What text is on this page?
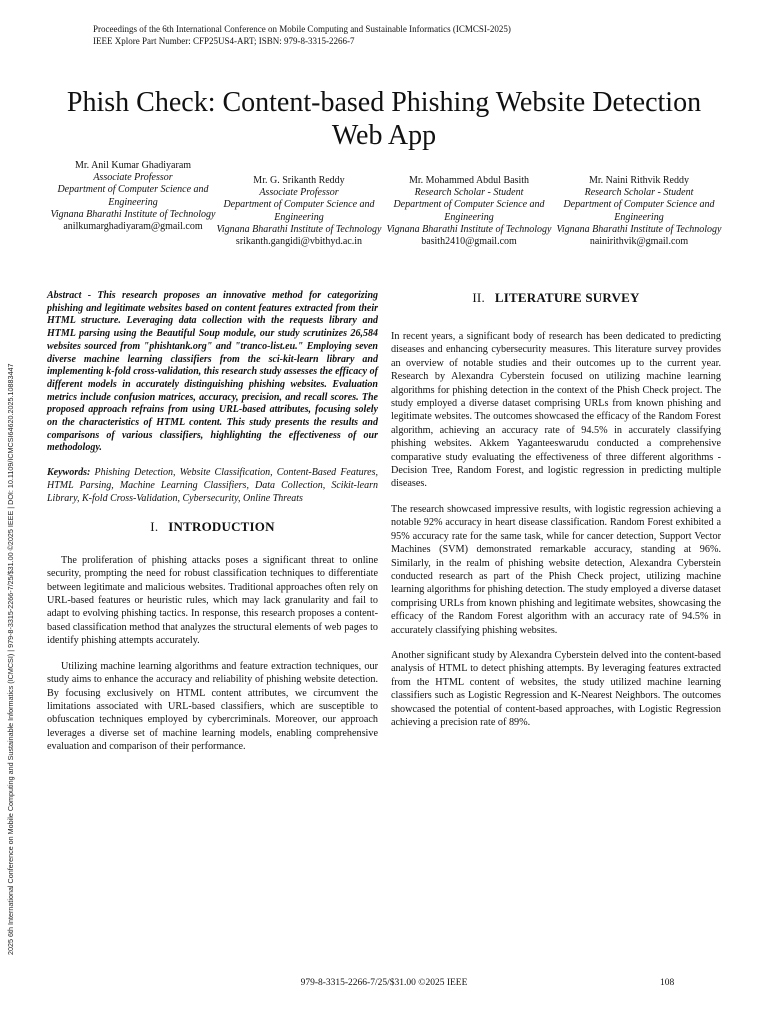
Proceedings of the 6th International Conference on Mobile Computing and Sustainable Informatics (ICMCSI-2025)
IEEE Xplore Part Number: CFP25US4-ART; ISBN: 979-8-3315-2266-7
2025 6th International Conference on Mobile Computing and Sustainable Informatics (ICMCSI) | 979-8-3315-2266-7/25/$31.00 ©2025 IEEE | DOI: 10.1109/ICMCSI64620.2025.10883447
Phish Check: Content-based Phishing Website Detection Web App
Mr. Anil Kumar Ghadiyaram
Associate Professor
Department of Computer Science and Engineering
Vignana Bharathi Institute of Technology
anilkumarghadiyaram@gmail.com
Mr. G. Srikanth Reddy
Associate Professor
Department of Computer Science and Engineering
Vignana Bharathi Institute of Technology
srikanth.gangidi@vbithyd.ac.in
Mr. Mohammed Abdul Basith
Research Scholar - Student
Department of Computer Science and Engineering
Vignana Bharathi Institute of Technology
basith2410@gmail.com
Mr. Naini Rithvik Reddy
Research Scholar - Student
Department of Computer Science and Engineering
Vignana Bharathi Institute of Technology
nainirithvik@gmail.com

Abstract - This research proposes an innovative method for categorizing phishing and legitimate websites based on content features extracted from their HTML structure. Leveraging data collection with the requests library and HTML parsing using the Beautiful Soup module, our study scrutinizes 26,584 websites sourced from "phishtank.org" and "tranco-list.eu." Employing seven diverse machine learning classifiers from the sci-kit-learn library and implementing k-fold cross-validation, this research study assesses the efficacy of different models in accurately distinguishing phishing websites. Evaluation metrics include confusion matrices, accuracy, precision, and recall scores. The proposed approach refrains from using URL-based attributes, focusing solely on the characteristics of HTML content. This study presents the results and comparisons of various classifiers, highlighting the effectiveness of our methodology.

Keywords: Phishing Detection, Website Classification, Content-Based Features, HTML Parsing, Machine Learning Classifiers, Data Collection, Scikit-learn Library, K-fold Cross-Validation, Cybersecurity, Online Threats

I. INTRODUCTION

The proliferation of phishing attacks poses a significant threat to online security, prompting the need for robust classification techniques to differentiate between legitimate and malicious websites. Traditional approaches often rely on URL-based features or heuristic rules, which may lack granularity and fail to adapt to evolving phishing tactics. In response, this research proposes a content-based classification method that analyzes the structural elements of web pages to identify phishing attempts accurately.

Utilizing machine learning algorithms and feature extraction techniques, our study aims to enhance the accuracy and reliability of phishing website detection. By focusing exclusively on HTML content attributes, we circumvent the limitations associated with URL-based classifiers, which are susceptible to obfuscation techniques employed by cybercriminals. Moreover, our approach leverages a diverse set of machine learning models, enabling comprehensive evaluation and comparison of their performance.

II. LITERATURE SURVEY

In recent years, a significant body of research has been dedicated to predicting diseases and enhancing cybersecurity measures. This literature survey provides an overview of notable studies and their outcomes up to the current year. Research by Alexandra Cyberstein focused on utilizing machine learning algorithms for phishing detection in the context of the Phish Check project. The study employed a diverse dataset comprising URLs from known phishing and legitimate websites. The outcomes showcased the efficacy of the Random Forest algorithm, achieving an accuracy rate of 94.5% in accurately classifying phishing websites. Akkem Yaganteeswarudu conducted a comprehensive comparative study evaluating the effectiveness of three different algorithms - Decision Tree, Random Forest, and logistic regression in predicting multiple diseases.

The research showcased impressive results, with logistic regression achieving a notable 92% accuracy in heart disease classification. Random Forest exhibited a 95% accuracy rate for the same task, while for cancer detection, Support Vector Machines (SVM) demonstrated remarkable accuracy, standing at 96%. Similarly, in the realm of phishing website detection, Alexandra Cyberstein conducted research as part of the Phish Check project, utilizing machine learning algorithms for phishing detection. The study employed a diverse dataset comprising URLs from known phishing and legitimate websites, showcasing the efficacy of the Random Forest algorithm with an accuracy rate of 94.5% in accurately classifying phishing websites.

Another significant study by Alexandra Cyberstein delved into the content-based analysis of HTML to detect phishing attempts. By leveraging features extracted from the HTML content of websites, the study utilized machine learning classifiers such as Logistic Regression and K-Nearest Neighbors. The outcomes showcased the potential of content-based approaches, with Logistic Regression achieving a precision rate of 89%.

979-8-3315-2266-7/25/$31.00 ©2025 IEEE	108
